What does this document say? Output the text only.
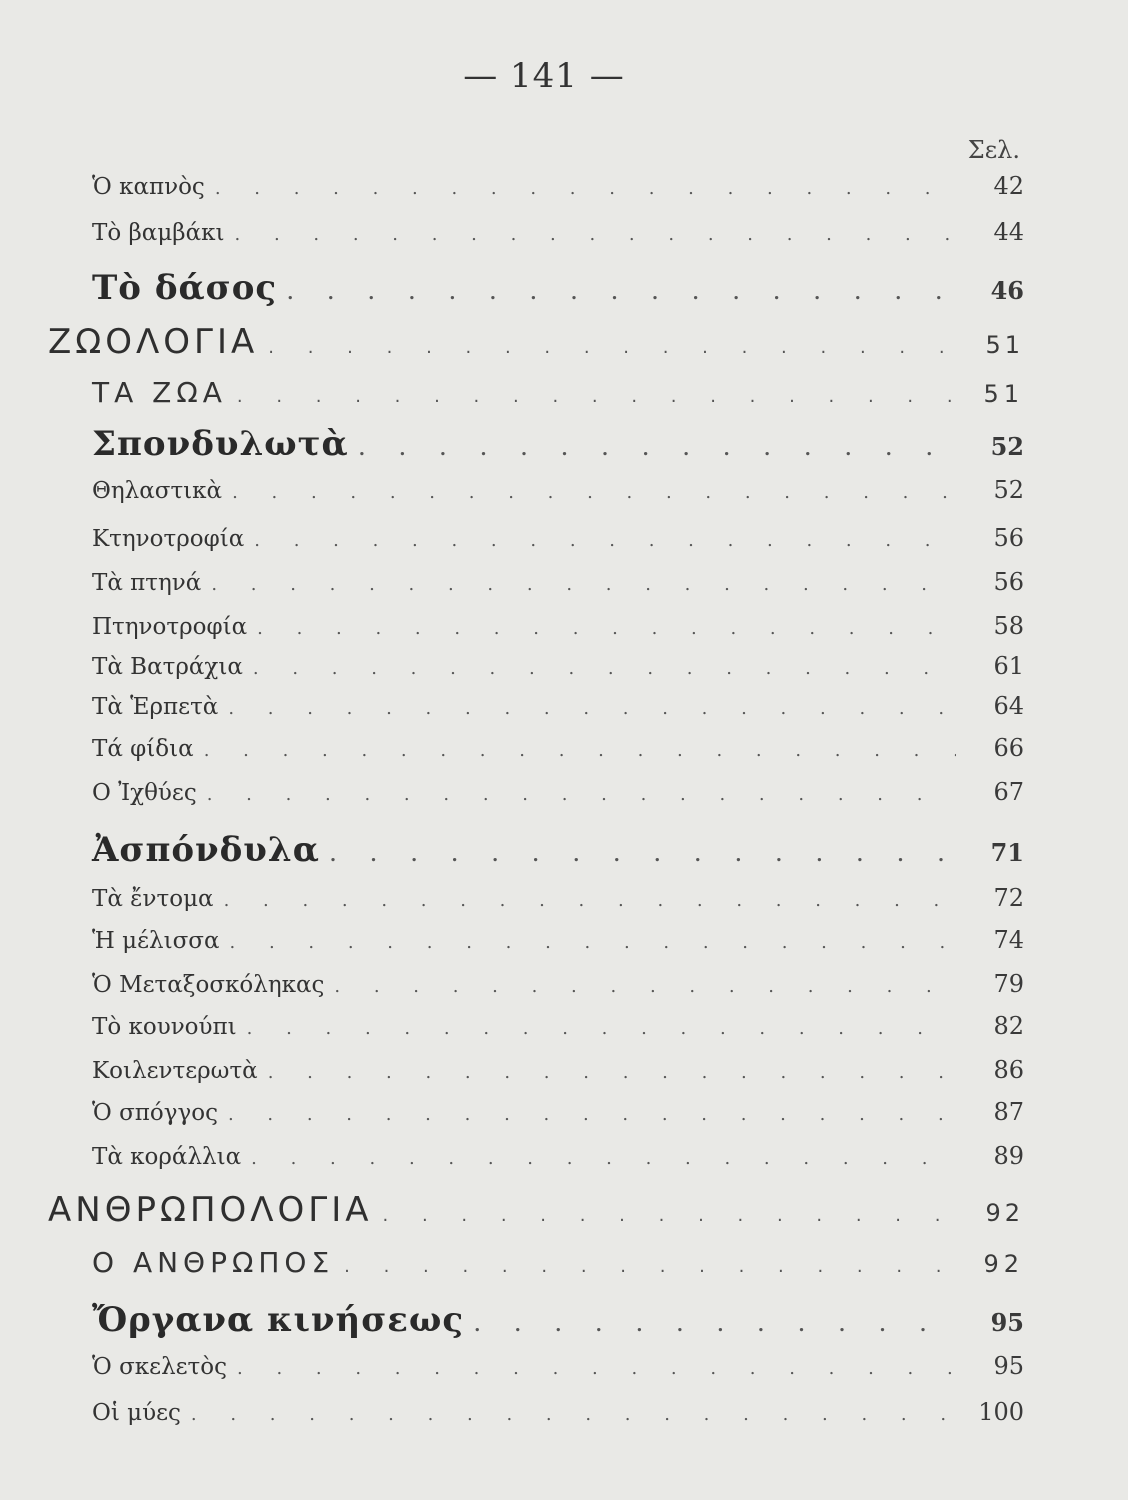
— 141 —
Σελ.
Ὁ καπνὸς . . .	42
Τὸ βαμβάκι . . .	44
Τὸ δάσος . . .	46
ΖΩΟΛΟΓΙΑ . . .	51
ΤΑ ΖΩΑ . . .	51
Σπονδυλωτὰ . . .	52
Θηλαστικὰ . . .	52
Κτηνοτροφία . . .	56
Τὰ πτηνά . . .	56
Πτηνοτροφία . . .	58
Τὰ Βατράχια . . .	61
Τὰ Ἑρπετὰ . . .	64
Τά φίδια . . .	66
Ο Ἰχθύες . . .	67
Ἀσπόνδυλα . . .	71
Τὰ ἔντομα . . .	72
Ἡ μέλισσα . . .	74
Ὁ Μεταξοσκόληκας . . .	79
Τὸ κουνούπι . . .	82
Κοιλεντερωτὰ . . .	86
Ὁ σπόγγος . . .	87
Τὰ κοράλλια . . .	89
ΑΝΘΡΩΠΟΛΟΓΙΑ . . .	92
Ο ΑΝΘΡΩΠΟΣ . . .	92
Ὄργανα κινήσεως . . .	95
Ὁ σκελετὸς . . .	95
Οἱ μύες . . .	100
